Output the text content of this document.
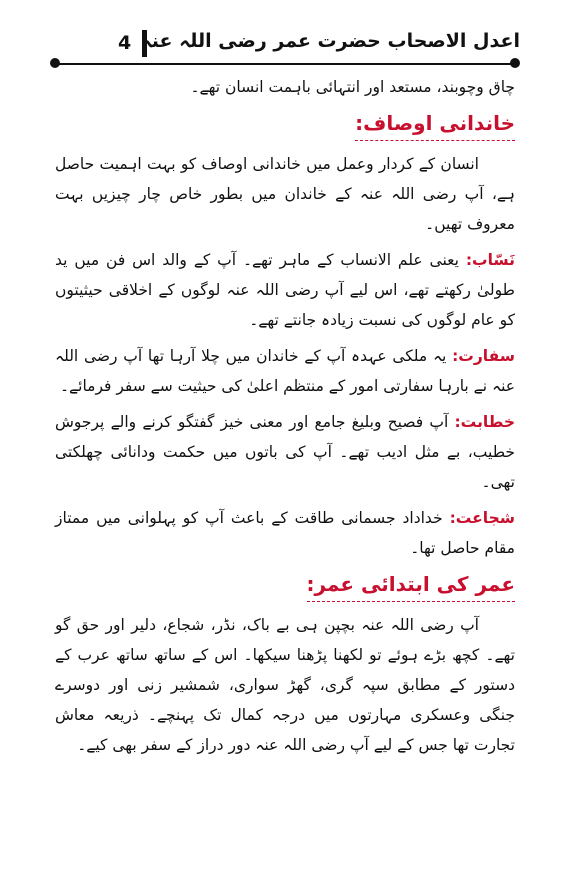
4 اعدل الاصحاب حضرت عمر رضی اللہ عنہ

چاق وچوبند، مستعد اور انتہائی باہمت انسان تھے۔

خاندانی اوصاف:

انسان کے کردار وعمل میں خاندانی اوصاف کو بہت اہمیت حاصل ہے، آپ رضی اللہ عنہ کے خاندان میں بطور خاص چار چیزیں بہت معروف تھیں۔

نَسّاب: یعنی علم الانساب کے ماہر تھے۔ آپ کے والد اس فن میں ید طولیٰ رکھتے تھے، اس لیے آپ رضی اللہ عنہ لوگوں کے اخلاقی حیثیتوں کو عام لوگوں کی نسبت زیادہ جانتے تھے۔

سفارت: یہ ملکی عہدہ آپ کے خاندان میں چلا آرہا تھا آپ رضی اللہ عنہ نے بارہا سفارتی امور کے منتظم اعلیٰ کی حیثیت سے سفر فرمائے۔

خطابت: آپ فصیح وبلیغ جامع اور معنی خیز گفتگو کرنے والے پرجوش خطیب، بے مثل ادیب تھے۔ آپ کی باتوں میں حکمت ودانائی چھلکتی تھی۔

شجاعت: خداداد جسمانی طاقت کے باعث آپ کو پہلوانی میں ممتاز مقام حاصل تھا۔

عمر کی ابتدائی عمر:

آپ رضی اللہ عنہ بچپن ہی بے باک، نڈر، شجاع، دلیر اور حق گو تھے۔ کچھ بڑے ہوئے تو لکھنا پڑھنا سیکھا۔ اس کے ساتھ ساتھ عرب کے دستور کے مطابق سپہ گری، گھڑ سواری، شمشیر زنی اور دوسرے جنگی وعسکری مہارتوں میں درجہ کمال تک پہنچے۔ ذریعہ معاش تجارت تھا جس کے لیے آپ رضی اللہ عنہ دور دراز کے سفر بھی کیے۔
